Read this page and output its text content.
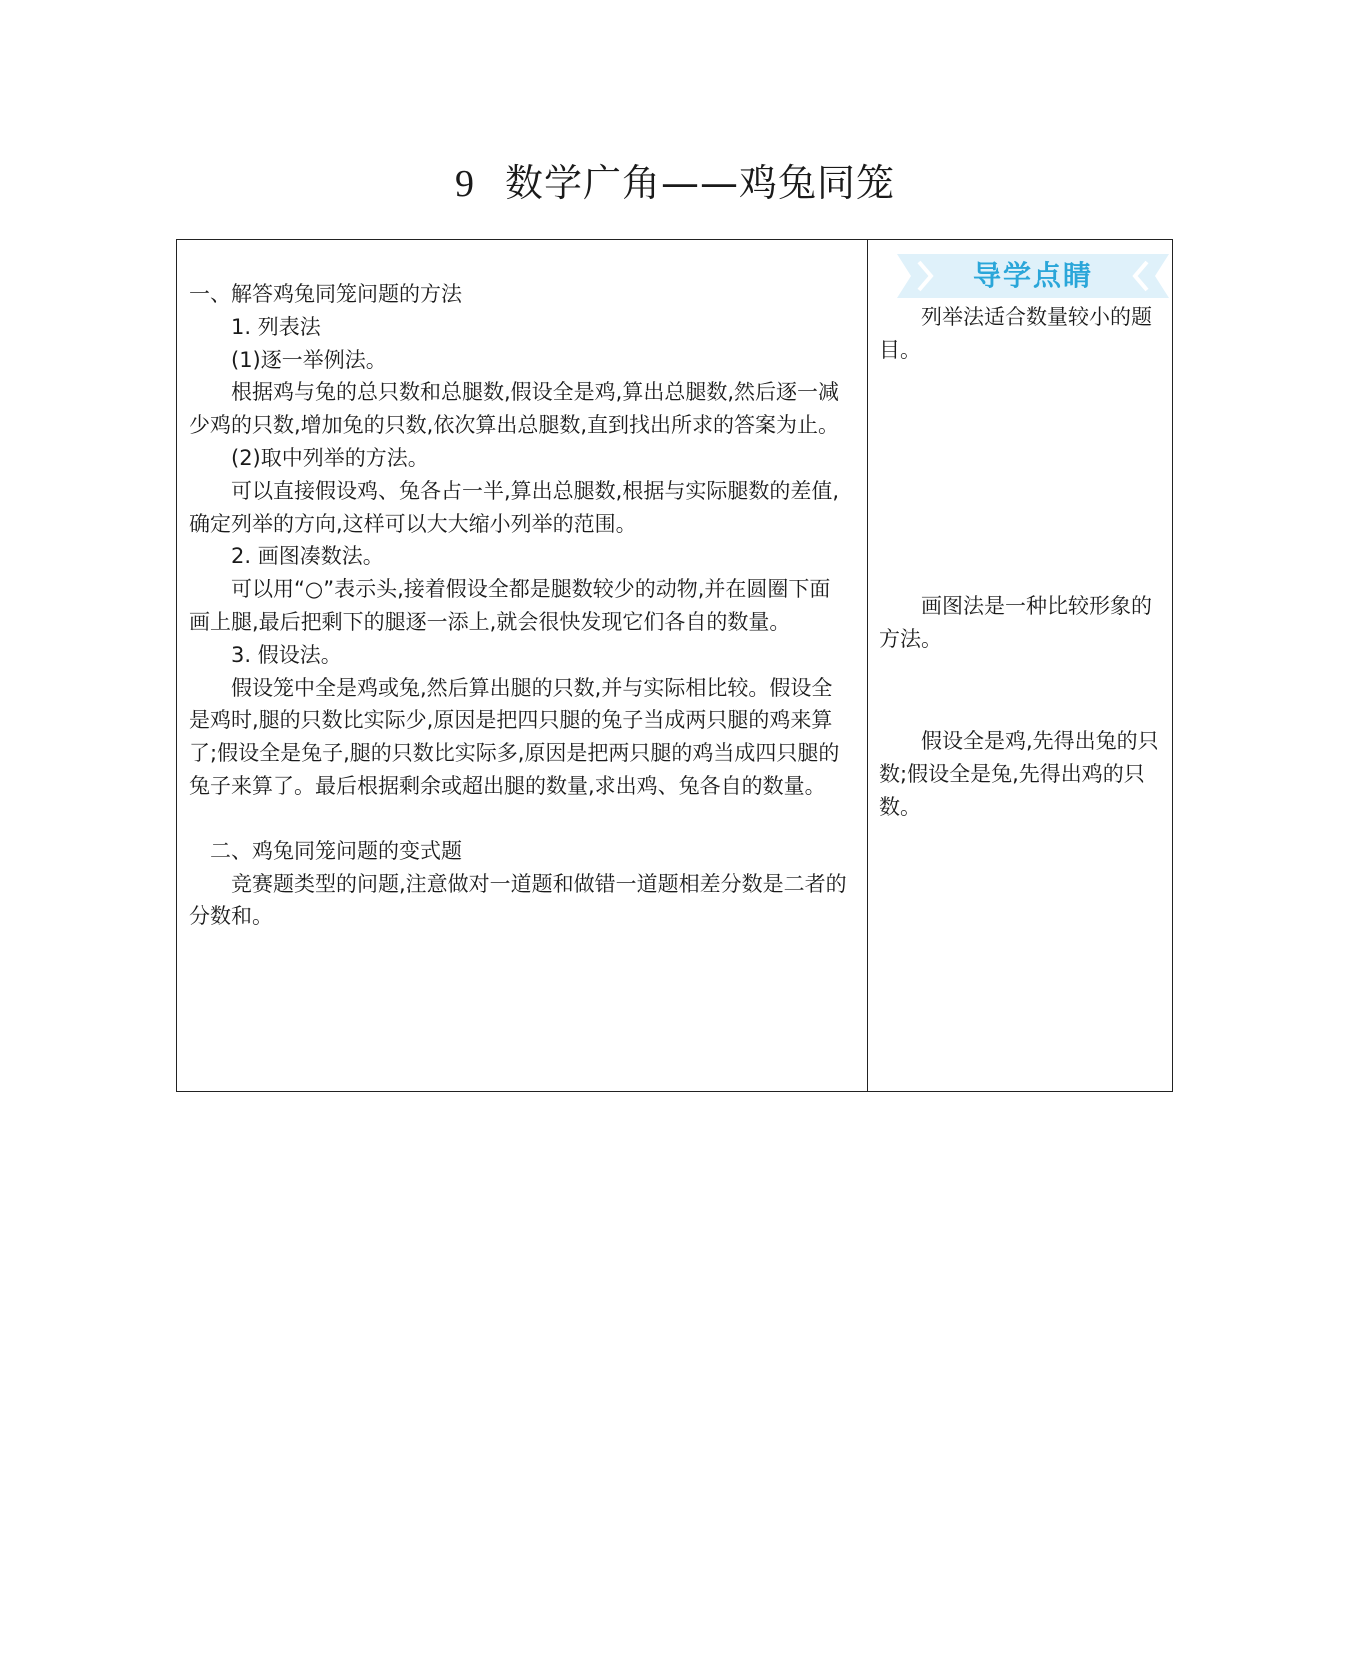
9 数学广角——鸡兔同笼

一、解答鸡兔同笼问题的方法

1. 列表法

(1)逐一举例法。

根据鸡与兔的总只数和总腿数,假设全是鸡,算出总腿数,然后逐一减少鸡的只数,增加兔的只数,依次算出总腿数,直到找出所求的答案为止。

(2)取中列举的方法。

可以直接假设鸡、兔各占一半,算出总腿数,根据与实际腿数的差值,确定列举的方向,这样可以大大缩小列举的范围。

2. 画图凑数法。

可以用“○”表示头,接着假设全都是腿数较少的动物,并在圆圈下面画上腿,最后把剩下的腿逐一添上,就会很快发现它们各自的数量。

3. 假设法。

假设笼中全是鸡或兔,然后算出腿的只数,并与实际相比较。假设全是鸡时,腿的只数比实际少,原因是把四只腿的兔子当成两只腿的鸡来算了;假设全是兔子,腿的只数比实际多,原因是把两只腿的鸡当成四只腿的兔子来算了。最后根据剩余或超出腿的数量,求出鸡、兔各自的数量。

二、鸡兔同笼问题的变式题

竞赛题类型的问题,注意做对一道题和做错一道题相差分数是二者的分数和。

导学点睛

列举法适合数量较小的题目。

画图法是一种比较形象的方法。

假设全是鸡,先得出兔的只数;假设全是兔,先得出鸡的只数。
